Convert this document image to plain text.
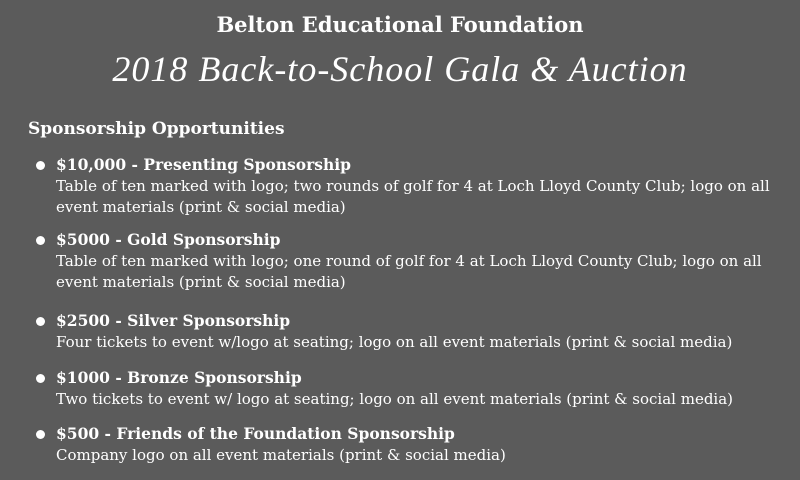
Belton Educational Foundation
2018 Back-to-School Gala & Auction
Sponsorship Opportunities
$10,000 - Presenting Sponsorship
Table of ten marked with logo; two rounds of golf for 4 at Loch Lloyd County Club; logo on all event materials (print & social media)
$5000 - Gold Sponsorship
Table of ten marked with logo; one round of golf for 4 at Loch Lloyd County Club; logo on all event materials (print & social media)
$2500 - Silver Sponsorship
Four tickets to event w/logo at seating; logo on all event materials (print & social media)
$1000 - Bronze Sponsorship
Two tickets to event w/ logo at seating; logo on all event materials (print & social media)
$500 - Friends of the Foundation Sponsorship
Company logo on all event materials (print & social media)
